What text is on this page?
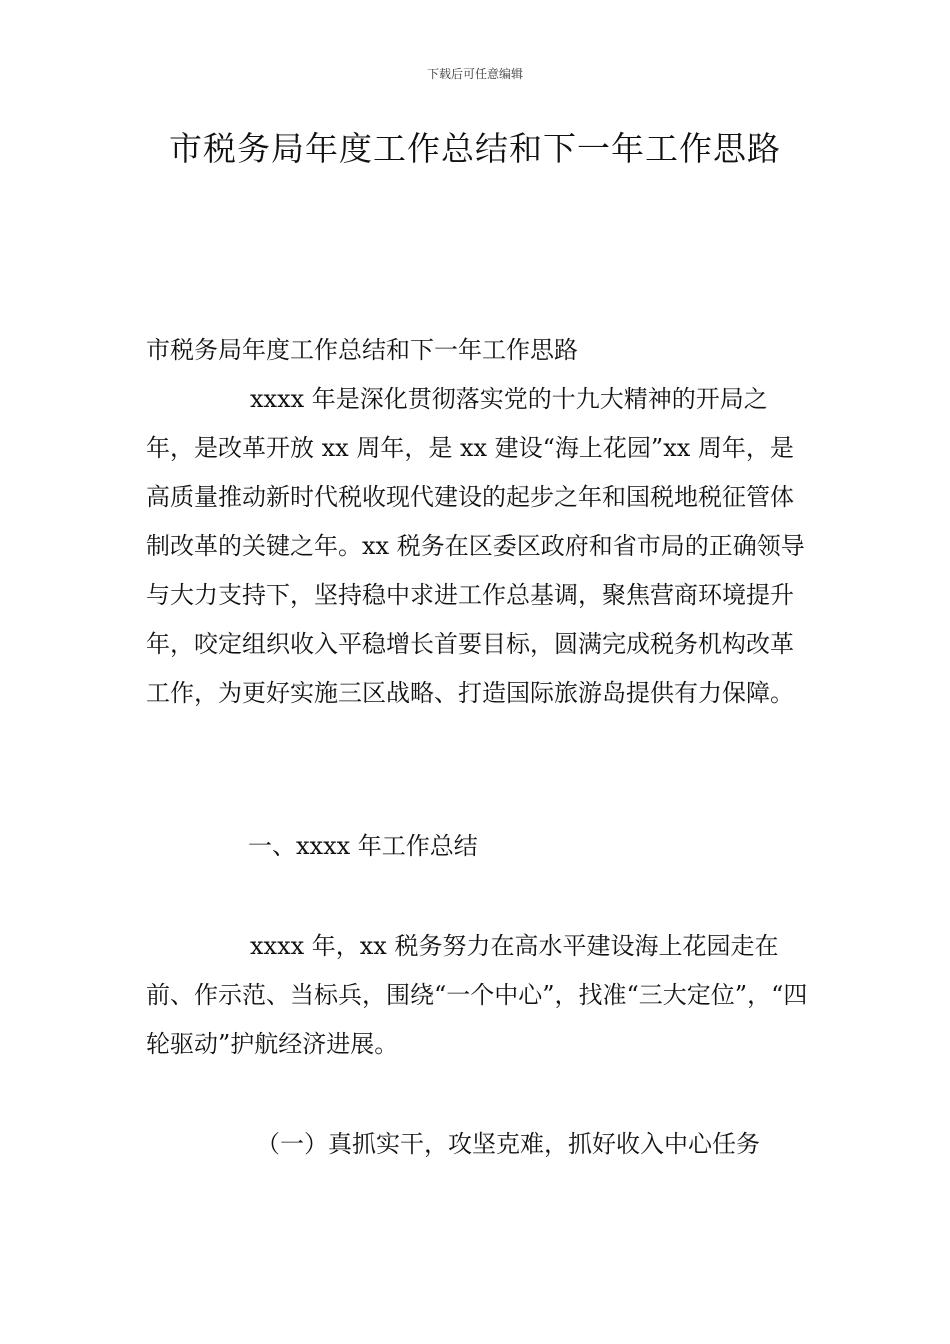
下载后可任意编辑
市税务局年度工作总结和下一年工作思路

市税务局年度工作总结和下一年工作思路

xxxx 年是深化贯彻落实党的十九大精神的开局之年，是改革开放 xx 周年，是 xx 建设“海上花园”xx 周年，是高质量推动新时代税收现代建设的起步之年和国税地税征管体制改革的关键之年。xx 税务在区委区政府和省市局的正确领导与大力支持下，坚持稳中求进工作总基调，聚焦营商环境提升年，咬定组织收入平稳增长首要目标，圆满完成税务机构改革工作，为更好实施三区战略、打造国际旅游岛提供有力保障。

一、xxxx 年工作总结

xxxx 年，xx 税务努力在高水平建设海上花园走在前、作示范、当标兵，围绕“一个中心”，找准“三大定位”，“四轮驱动”护航经济进展。

（一）真抓实干，攻坚克难，抓好收入中心任务
